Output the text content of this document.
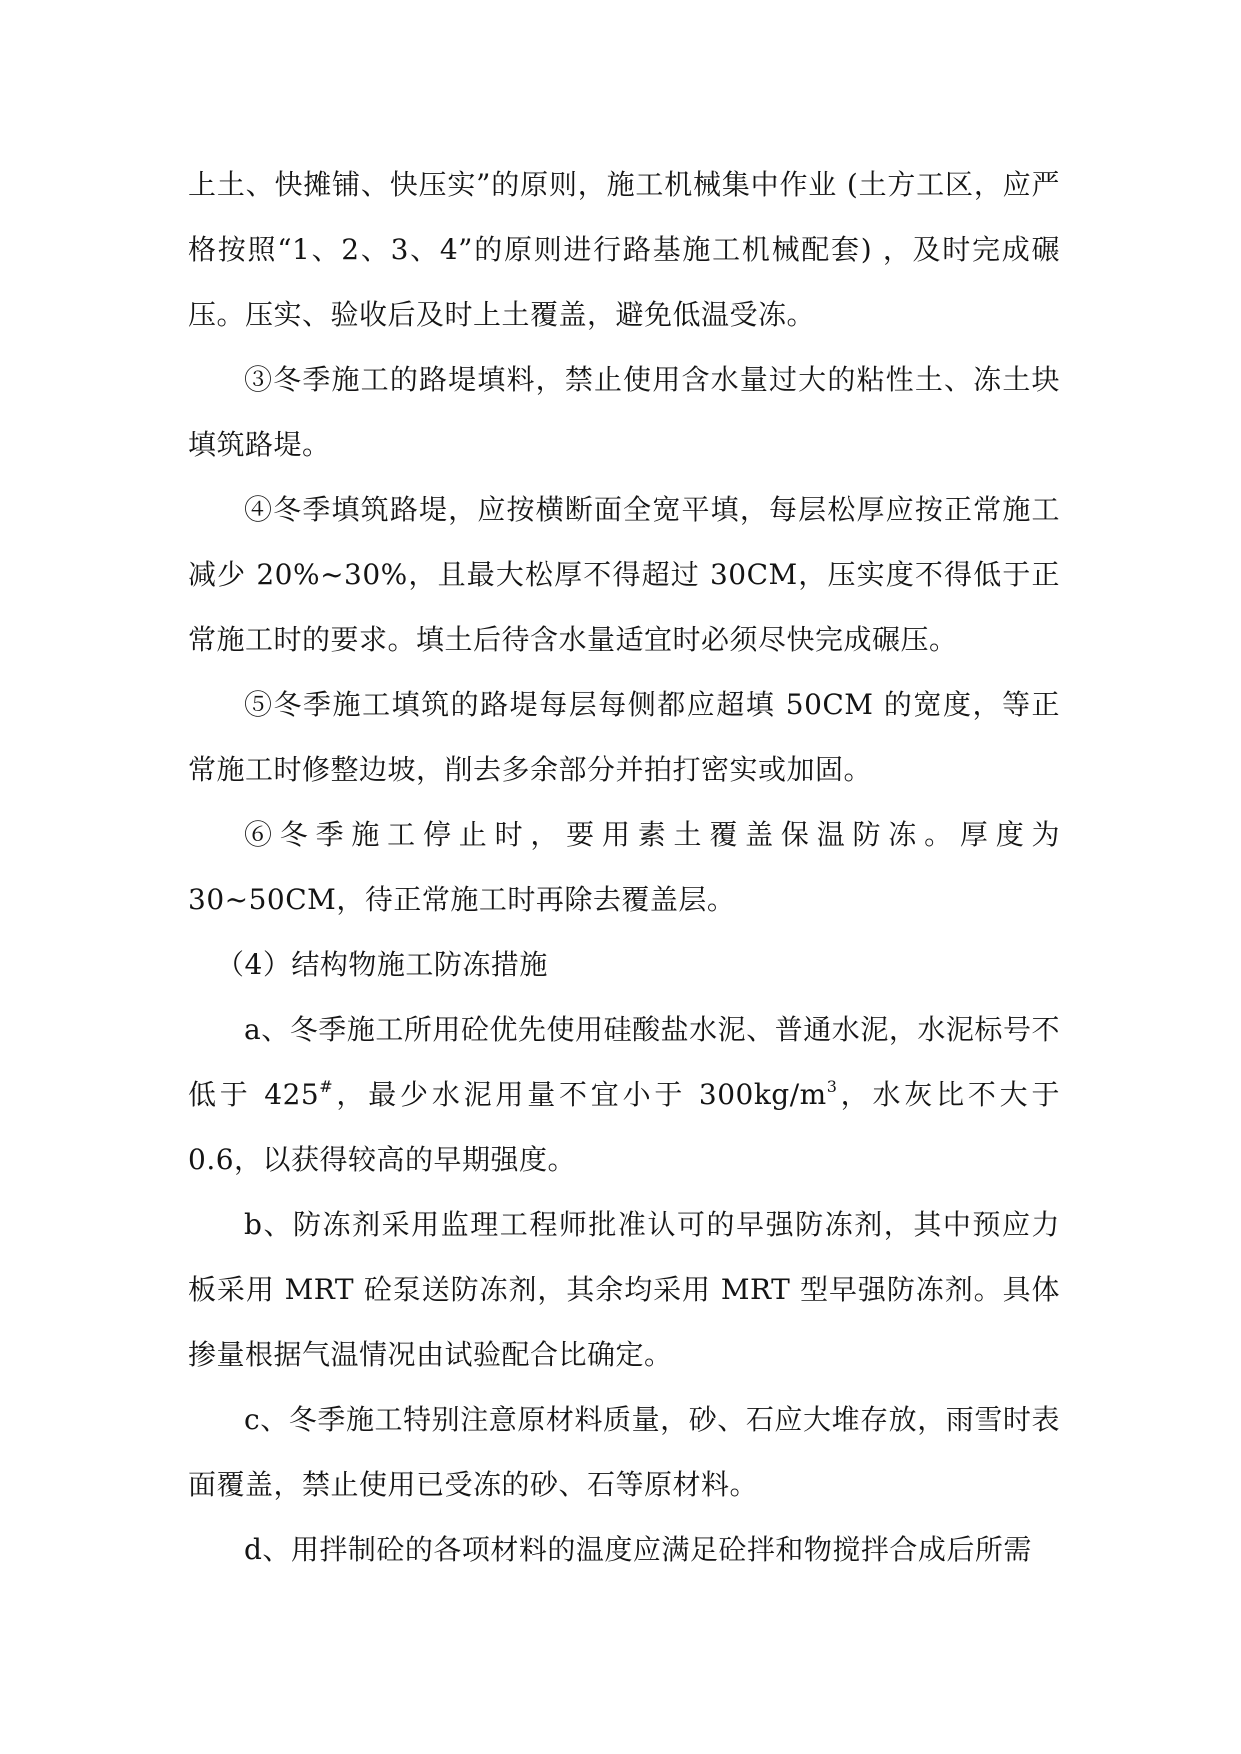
上土、快摊铺、快压实”的原则，施工机械集中作业 (土方工区，应严格按照“1、2、3、4”的原则进行路基施工机械配套) ，及时完成碾压。压实、验收后及时上土覆盖，避免低温受冻。

③冬季施工的路堤填料，禁止使用含水量过大的粘性土、冻土块填筑路堤。

④冬季填筑路堤，应按横断面全宽平填，每层松厚应按正常施工减少 20%~30%，且最大松厚不得超过 30CM，压实度不得低于正常施工时的要求。填土后待含水量适宜时必须尽快完成碾压。

⑤冬季施工填筑的路堤每层每侧都应超填 50CM 的宽度，等正常施工时修整边坡，削去多余部分并拍打密实或加固。

⑥冬季施工停止时，要用素土覆盖保温防冻。厚度为 30~50CM，待正常施工时再除去覆盖层。

（4）结构物施工防冻措施

a、冬季施工所用砼优先使用硅酸盐水泥、普通水泥，水泥标号不低于 425#，最少水泥用量不宜小于 $300kg/m^3$，水灰比不大于 0.6，以获得较高的早期强度。

b、防冻剂采用监理工程师批准认可的早强防冻剂，其中预应力板采用 MRT 砼泵送防冻剂，其余均采用 MRT 型早强防冻剂。具体掺量根据气温情况由试验配合比确定。

c、冬季施工特别注意原材料质量，砂、石应大堆存放，雨雪时表面覆盖，禁止使用已受冻的砂、石等原材料。

d、用拌制砼的各项材料的温度应满足砼拌和物搅拌合成后所需
